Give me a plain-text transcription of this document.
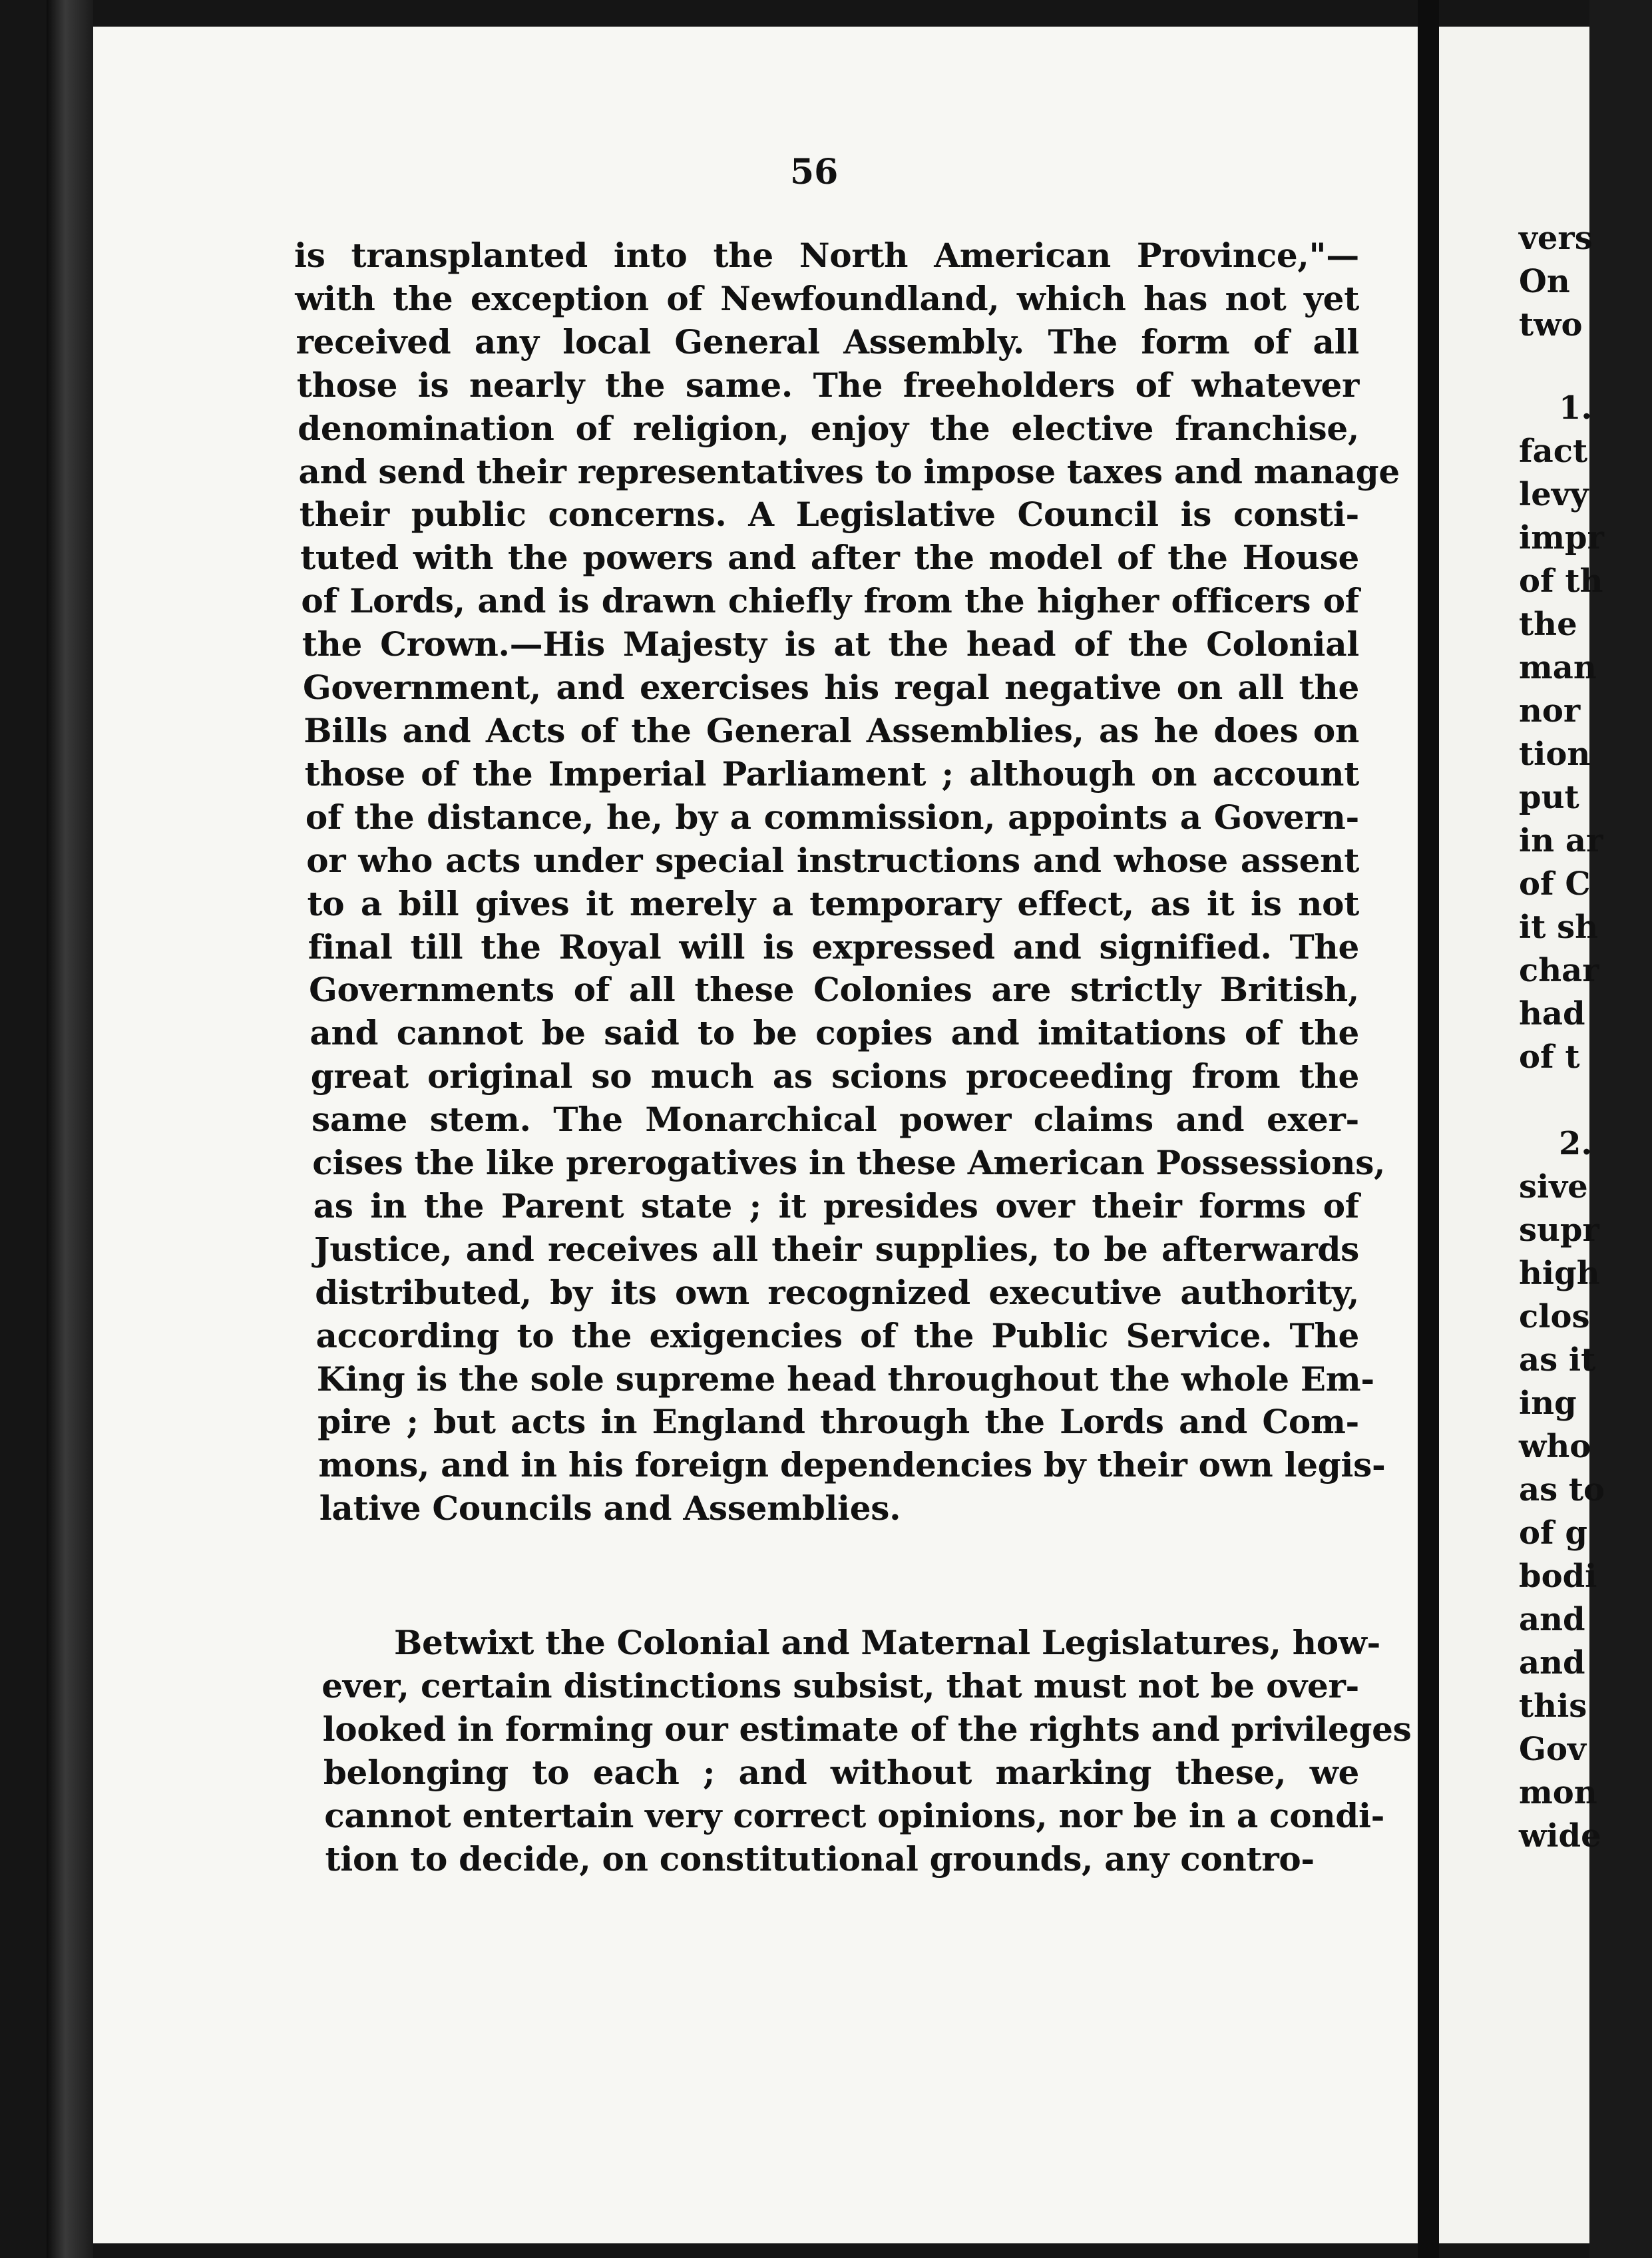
vers
On
two
1.
fact
levy
impr
of th
the
man
nor
tion
put
in ar
of C
it sh
char
had
of t
2.
sive
supr
high
clos
as it
ing
who
as to
of g
bodi
and
and
this
Gov
mon
wide
56
is transplanted into the North American Province,"—
with the exception of Newfoundland, which has not yet
received any local General Assembly. The form of all
those is nearly the same. The freeholders of whatever
denomination of religion, enjoy the elective franchise,
and send their representatives to impose taxes and manage
their public concerns. A Legislative Council is consti-
tuted with the powers and after the model of the House
of Lords, and is drawn chiefly from the higher officers of
the Crown.—His Majesty is at the head of the Colonial
Government, and exercises his regal negative on all the
Bills and Acts of the General Assemblies, as he does on
those of the Imperial Parliament ; although on account
of the distance, he, by a commission, appoints a Govern-
or who acts under special instructions and whose assent
to a bill gives it merely a temporary effect, as it is not
final till the Royal will is expressed and signified. The
Governments of all these Colonies are strictly British,
and cannot be said to be copies and imitations of the
great original so much as scions proceeding from the
same stem. The Monarchical power claims and exer-
cises the like prerogatives in these American Possessions,
as in the Parent state ; it presides over their forms of
Justice, and receives all their supplies, to be afterwards
distributed, by its own recognized executive authority,
according to the exigencies of the Public Service. The
King is the sole supreme head throughout the whole Em-
pire ; but acts in England through the Lords and Com-
mons, and in his foreign dependencies by their own legis-
lative Councils and Assemblies.
Betwixt the Colonial and Maternal Legislatures, how-
ever, certain distinctions subsist, that must not be over-
looked in forming our estimate of the rights and privileges
belonging to each ; and without marking these, we
cannot entertain very correct opinions, nor be in a condi-
tion to decide, on constitutional grounds, any contro-
